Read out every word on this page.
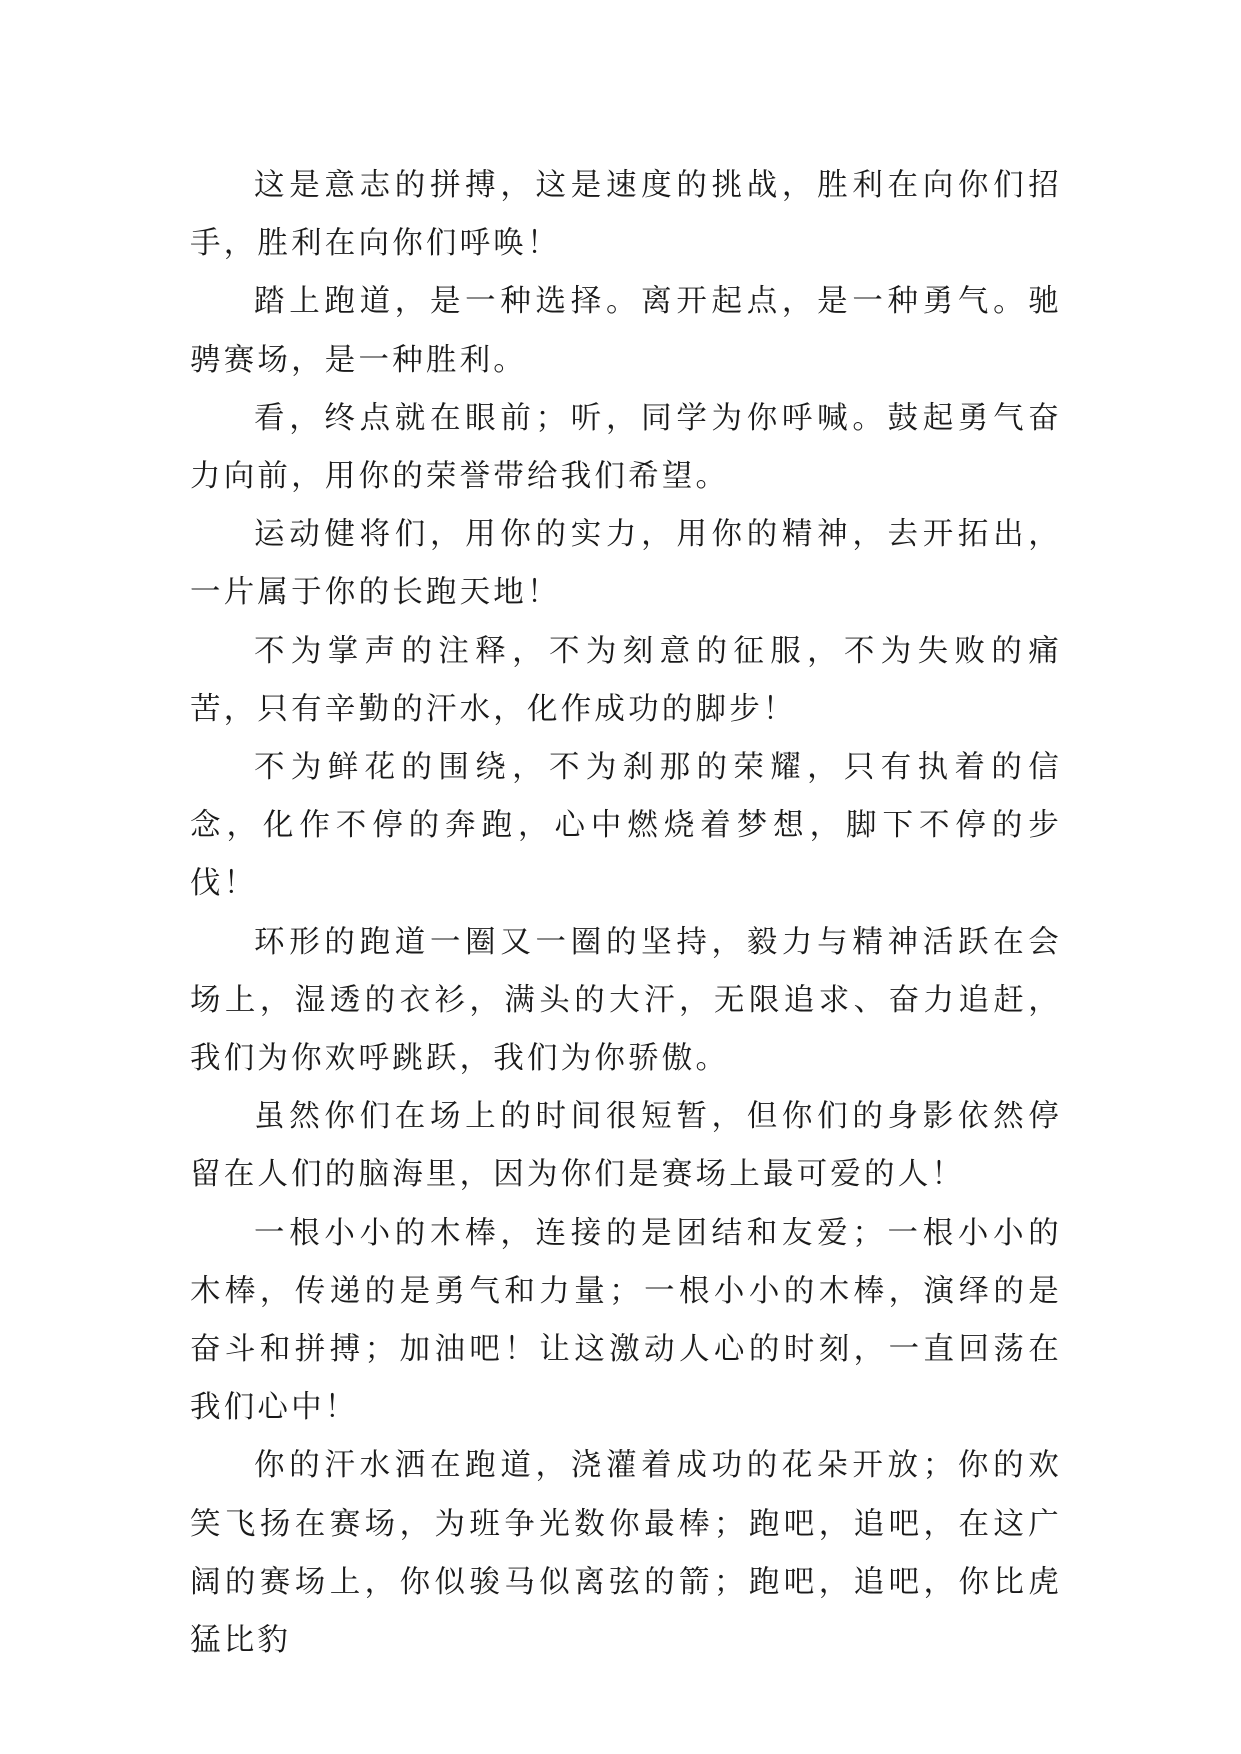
这是意志的拼搏，这是速度的挑战，胜利在向你们招手，胜利在向你们呼唤！

踏上跑道，是一种选择。离开起点，是一种勇气。驰骋赛场，是一种胜利。

看，终点就在眼前；听，同学为你呼喊。鼓起勇气奋力向前，用你的荣誉带给我们希望。

运动健将们，用你的实力，用你的精神，去开拓出，一片属于你的长跑天地！

不为掌声的注释，不为刻意的征服，不为失败的痛苦，只有辛勤的汗水，化作成功的脚步！

不为鲜花的围绕，不为刹那的荣耀，只有执着的信念，化作不停的奔跑，心中燃烧着梦想，脚下不停的步伐！

环形的跑道一圈又一圈的坚持，毅力与精神活跃在会场上，湿透的衣衫，满头的大汗，无限追求、奋力追赶，我们为你欢呼跳跃，我们为你骄傲。

虽然你们在场上的时间很短暂，但你们的身影依然停留在人们的脑海里，因为你们是赛场上最可爱的人！

一根小小的木棒，连接的是团结和友爱；一根小小的木棒，传递的是勇气和力量；一根小小的木棒，演绎的是奋斗和拼搏；加油吧！让这激动人心的时刻，一直回荡在我们心中！

你的汗水洒在跑道，浇灌着成功的花朵开放；你的欢笑飞扬在赛场，为班争光数你最棒；跑吧，追吧，在这广阔的赛场上，你似骏马似离弦的箭；跑吧，追吧，你比虎猛比豹
